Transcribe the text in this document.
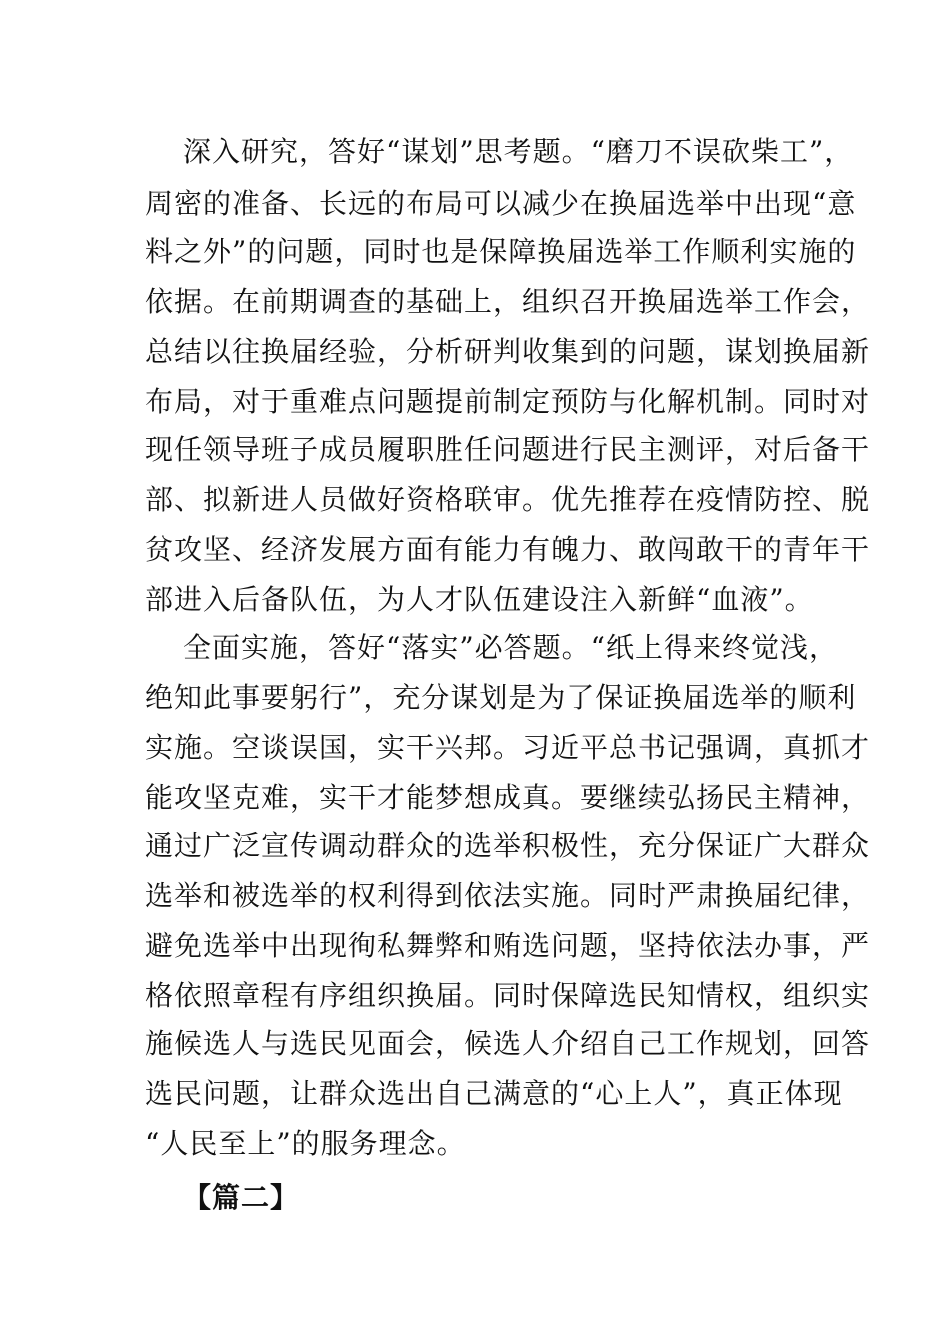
深入研究，答好“谋划”思考题。“磨刀不误砍柴工”，

周密的准备、长远的布局可以减少在换届选举中出现“意

料之外”的问题，同时也是保障换届选举工作顺利实施的

依据。在前期调查的基础上，组织召开换届选举工作会，

总结以往换届经验，分析研判收集到的问题，谋划换届新

布局，对于重难点问题提前制定预防与化解机制。同时对

现任领导班子成员履职胜任问题进行民主测评，对后备干

部、拟新进人员做好资格联审。优先推荐在疫情防控、脱

贫攻坚、经济发展方面有能力有魄力、敢闯敢干的青年干

部进入后备队伍，为人才队伍建设注入新鲜“血液”。

全面实施，答好“落实”必答题。“纸上得来终觉浅，

绝知此事要躬行”，充分谋划是为了保证换届选举的顺利

实施。空谈误国，实干兴邦。习近平总书记强调，真抓才

能攻坚克难，实干才能梦想成真。要继续弘扬民主精神，

通过广泛宣传调动群众的选举积极性，充分保证广大群众

选举和被选举的权利得到依法实施。同时严肃换届纪律，

避免选举中出现徇私舞弊和贿选问题，坚持依法办事，严

格依照章程有序组织换届。同时保障选民知情权，组织实

施候选人与选民见面会，候选人介绍自己工作规划，回答

选民问题，让群众选出自己满意的“心上人”，真正体现

“人民至上”的服务理念。

【篇二】
